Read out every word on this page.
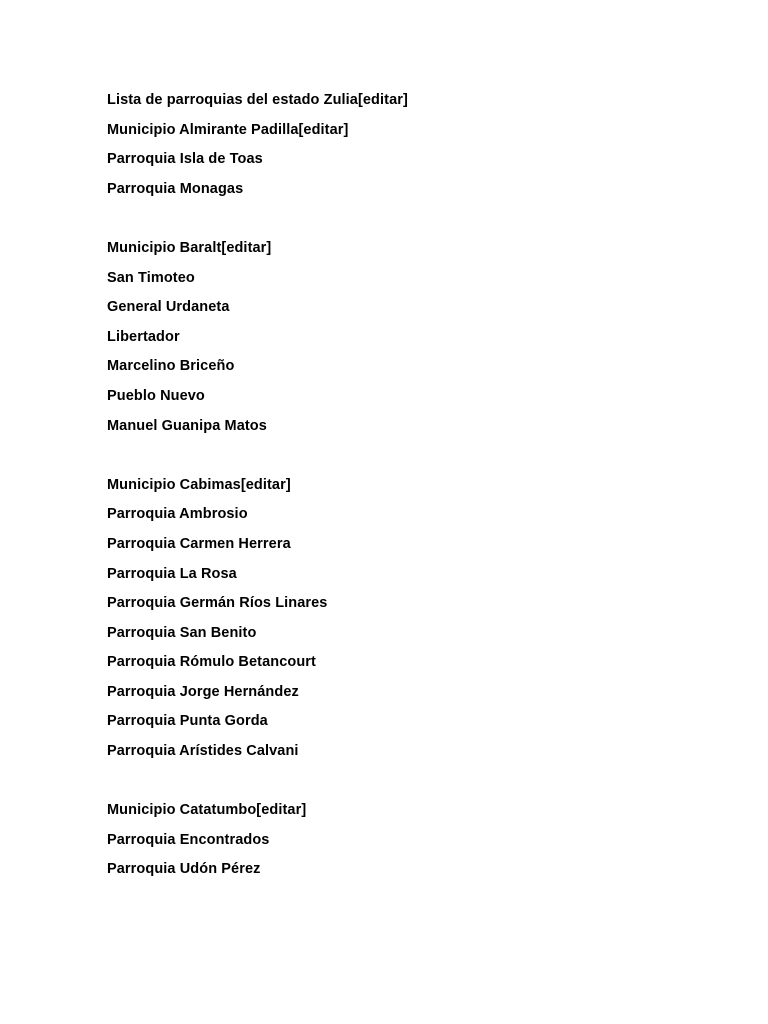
Lista de parroquias del estado Zulia[editar]
Municipio Almirante Padilla[editar]
Parroquia Isla de Toas
Parroquia Monagas
Municipio Baralt[editar]
San Timoteo
General Urdaneta
Libertador
Marcelino Briceño
Pueblo Nuevo
Manuel Guanipa Matos
Municipio Cabimas[editar]
Parroquia Ambrosio
Parroquia Carmen Herrera
Parroquia La Rosa
Parroquia Germán Ríos Linares
Parroquia San Benito
Parroquia Rómulo Betancourt
Parroquia Jorge Hernández
Parroquia Punta Gorda
Parroquia Arístides Calvani
Municipio Catatumbo[editar]
Parroquia Encontrados
Parroquia Udón Pérez
